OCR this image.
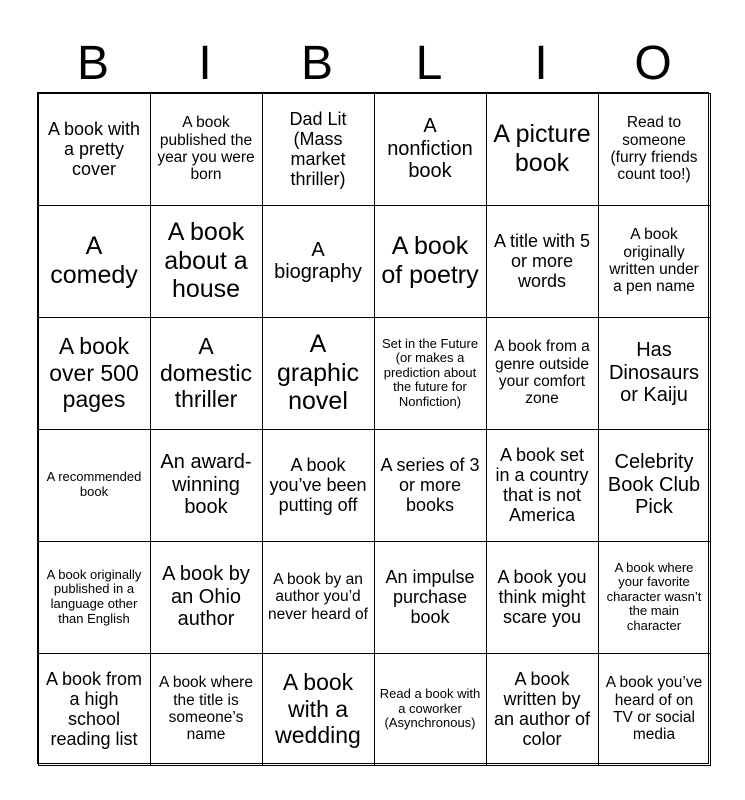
B	I	B	L	I	O
A book with a pretty cover
A book published the year you were born
Dad Lit (Mass market thriller)
A nonfiction book
A picture book
Read to someone (furry friends count too!)
A comedy
A book about a house
A biography
A book of poetry
A title with 5 or more words
A book originally written under a pen name
A book over 500 pages
A domestic thriller
A graphic novel
Set in the Future (or makes a prediction about the future for Nonfiction)
A book from a genre outside your comfort zone
Has Dinosaurs or Kaiju
A recommended book
An award-winning book
A book you’ve been putting off
A series of 3 or more books
A book set in a country that is not America
Celebrity Book Club Pick
A book originally published in a language other than English
A book by an Ohio author
A book by an author you’d never heard of
An impulse purchase book
A book you think might scare you
A book where your favorite character wasn’t the main character
A book from a high school reading list
A book where the title is someone’s name
A book with a wedding
Read a book with a coworker (Asynchronous)
A book written by an author of color
A book you’ve heard of on TV or social media
